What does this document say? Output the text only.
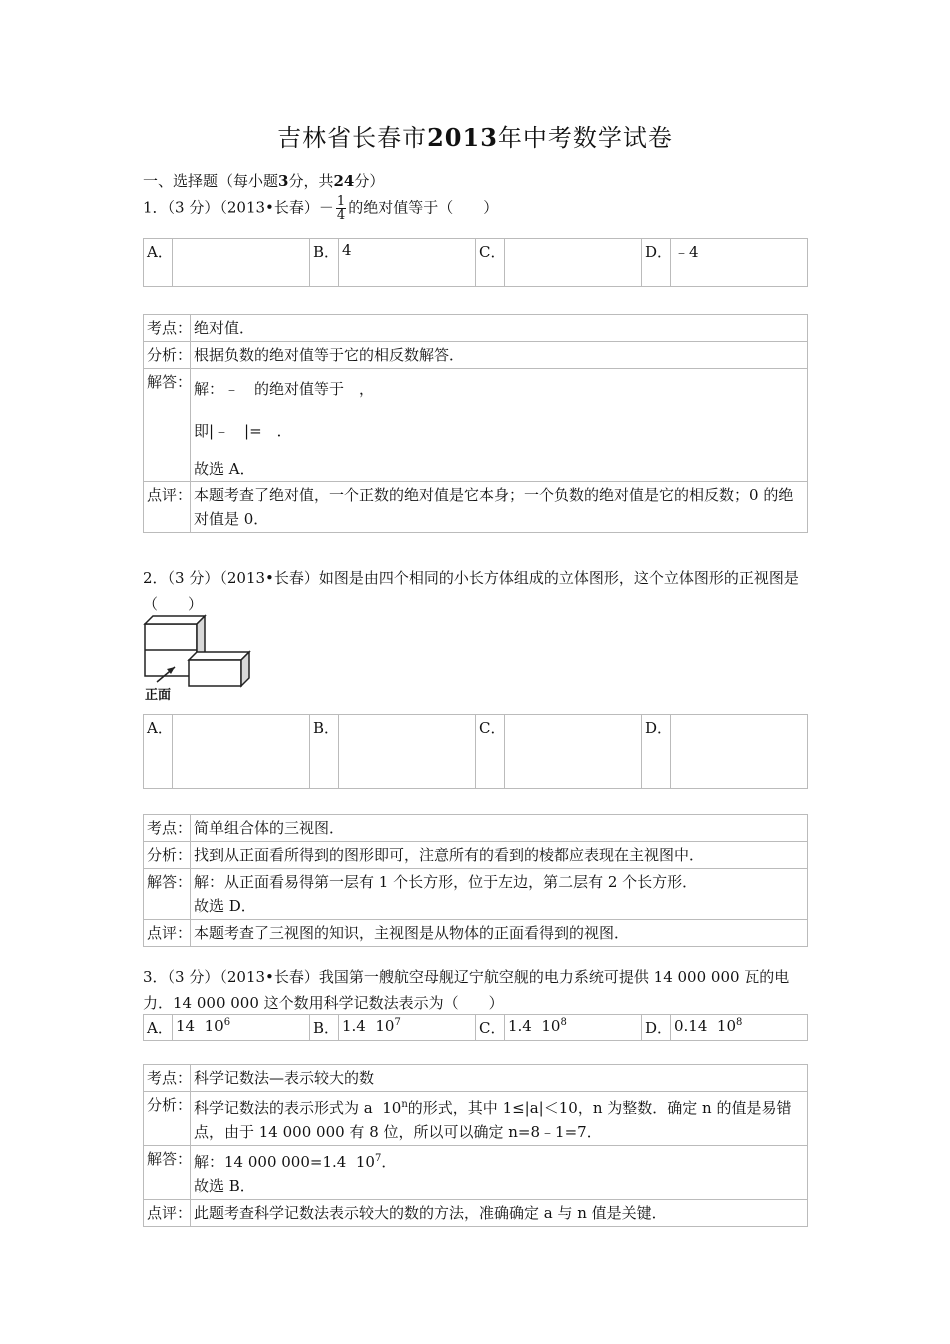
吉林省长春市2013年中考数学试卷
一、选择题（每小题3分，共24分）
1．（3 分）（2013•长春）－ $\frac{1}{4}$ 的绝对值等于（　　）
A．		B．	4	C．		D．	﹣4
考点：	绝对值．
分析：	根据负数的绝对值等于它的相反数解答．
解答：	解：﹣　的绝对值等于　，
即|﹣　|=　．
故选 A．

点评：	本题考查了绝对值，一个正数的绝对值是它本身；一个负数的绝对值是它的相反数；0 的绝对值是 0．
2．（3 分）（2013•长春）如图是由四个相同的小长方体组成的立体图形，这个立体图形的正视图是（　　）
正面
A．		B．		C．		D．	
考点：	简单组合体的三视图．
分析：	找到从正面看所得到的图形即可，注意所有的看到的棱都应表现在主视图中．
解答：	解：从正面看易得第一层有 1 个长方形，位于左边，第二层有 2 个长方形．
故选 D．

点评：	本题考查了三视图的知识，主视图是从物体的正面看得到的视图．
3．（3 分）（2013•长春）我国第一艘航空母舰辽宁航空舰的电力系统可提供 14 000 000 瓦的电力．14 000 000 这个数用科学记数法表示为（　　）
A．	14  $10^6$	B．	1.4  $10^7$	C．	1.4  $10^8$	D．	0.14  $10^8$
考点：	科学记数法—表示较大的数
分析：	科学记数法的表示形式为 a  10$^n$的形式，其中 1≤|a|＜10，n 为整数．确定 n 的值是易错点，由于 14 000 000 有 8 位，所以可以确定 n=8﹣1=7．
解答：	解：14 000 000=1.4  $10^7$．
故选 B．

点评：	此题考查科学记数法表示较大的数的方法，准确确定 a 与 n 值是关键．
